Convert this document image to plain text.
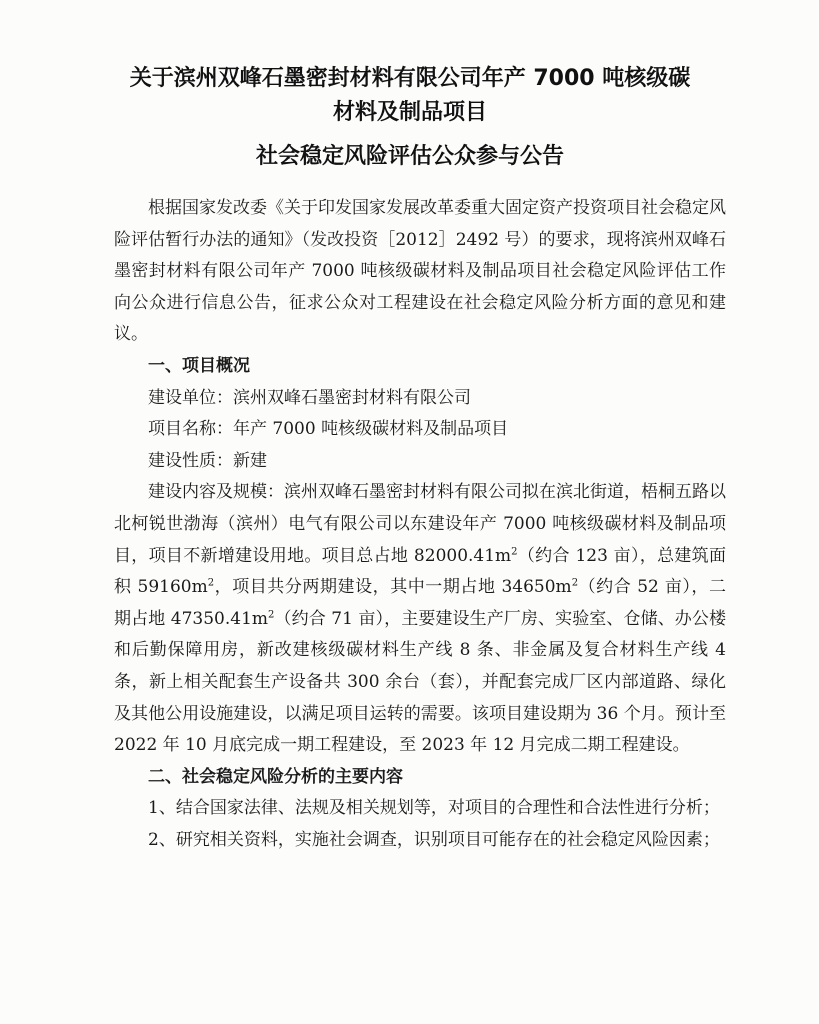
关于滨州双峰石墨密封材料有限公司年产 7000 吨核级碳
材料及制品项目
社会稳定风险评估公众参与公告

根据国家发改委《关于印发国家发展改革委重大固定资产投资项目社会稳定风险评估暂行办法的通知》（发改投资［2012］2492 号）的要求，现将滨州双峰石墨密封材料有限公司年产 7000 吨核级碳材料及制品项目社会稳定风险评估工作向公众进行信息公告，征求公众对工程建设在社会稳定风险分析方面的意见和建议。

一、项目概况

建设单位：滨州双峰石墨密封材料有限公司

项目名称：年产 7000 吨核级碳材料及制品项目

建设性质：新建

建设内容及规模：滨州双峰石墨密封材料有限公司拟在滨北街道，梧桐五路以北柯锐世渤海（滨州）电气有限公司以东建设年产 7000 吨核级碳材料及制品项目，项目不新增建设用地。项目总占地 $82000.41m^2$（约合 123 亩），总建筑面积 $59160m^2$，项目共分两期建设，其中一期占地 $34650m^2$（约合 52 亩），二期占地 $47350.41m^2$（约合 71 亩），主要建设生产厂房、实验室、仓储、办公楼和后勤保障用房，新改建核级碳材料生产线 8 条、非金属及复合材料生产线 4 条，新上相关配套生产设备共 300 余台（套），并配套完成厂区内部道路、绿化及其他公用设施建设，以满足项目运转的需要。该项目建设期为 36 个月。预计至 2022 年 10 月底完成一期工程建设，至 2023 年 12 月完成二期工程建设。

二、社会稳定风险分析的主要内容

1、结合国家法律、法规及相关规划等，对项目的合理性和合法性进行分析；

2、研究相关资料，实施社会调查，识别项目可能存在的社会稳定风险因素；
